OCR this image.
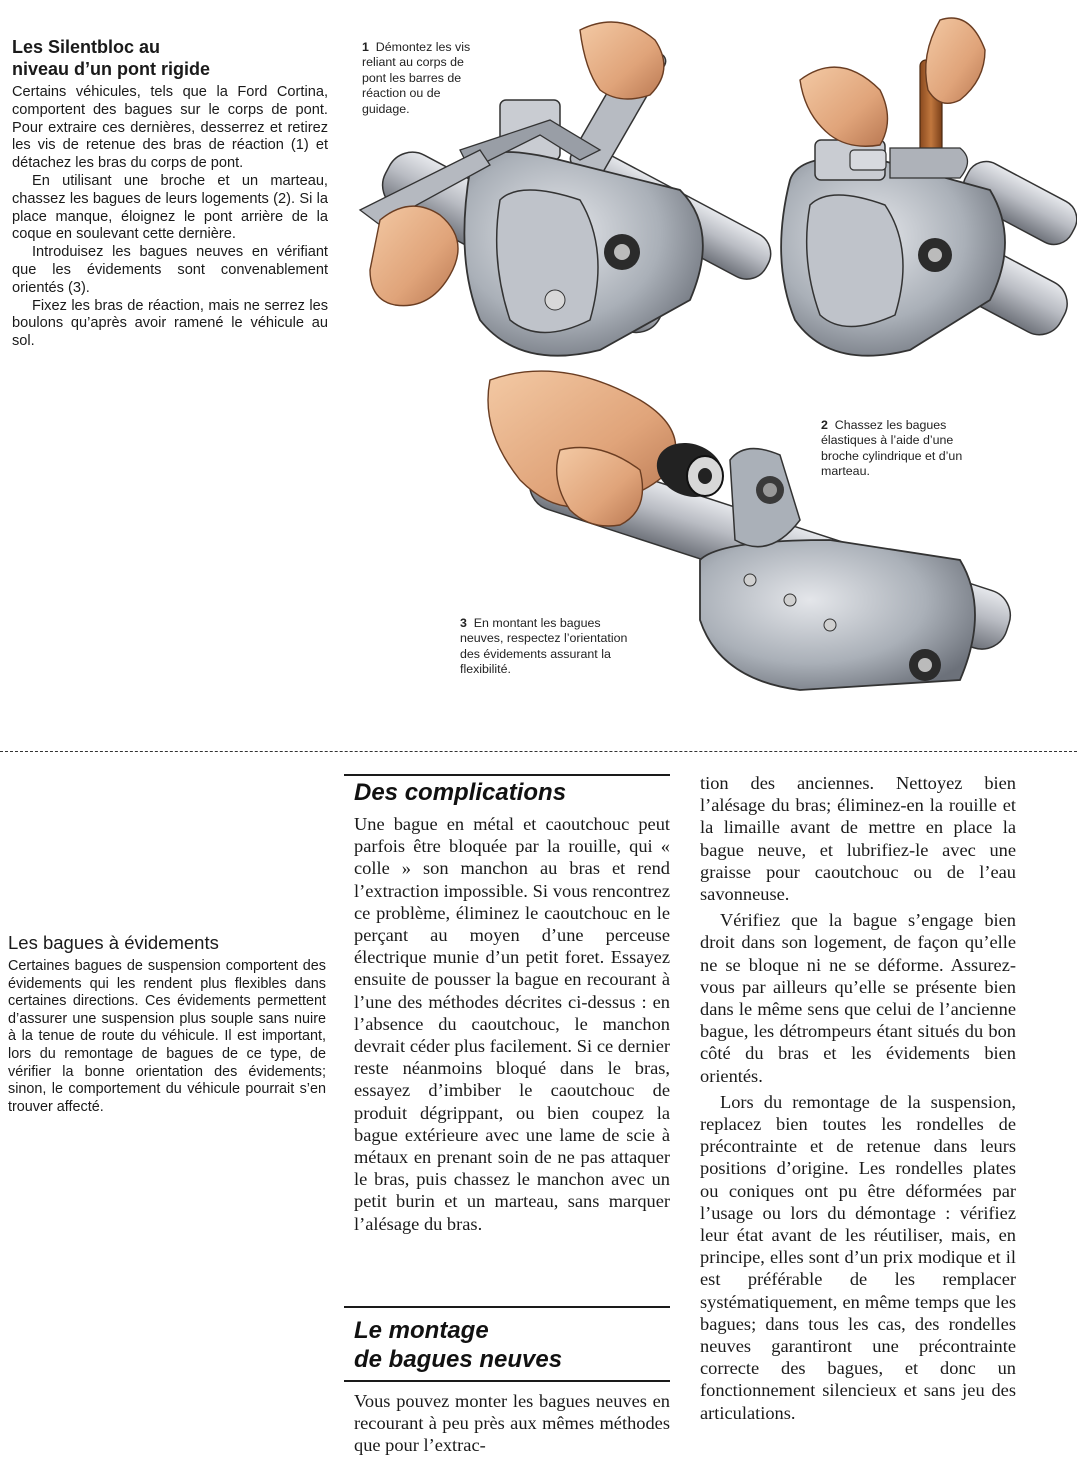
Les Silentbloc au
niveau d’un pont rigide

Certains véhicules, tels que la Ford Cortina, comportent des bagues sur le corps de pont. Pour extraire ces dernières, desserrez et retirez les vis de retenue des bras de réaction (1) et détachez les bras du corps de pont.

En utilisant une broche et un marteau, chassez les bagues de leurs logements (2). Si la place manque, éloignez le pont arrière de la coque en soulevant cette dernière.

Introduisez les bagues neuves en vérifiant que les évidements sont convenablement orientés (3).

Fixez les bras de réaction, mais ne serrez les boulons qu’après avoir ramené le véhicule au sol.

1 Démontez les vis reliant au corps de pont les barres de réaction ou de guidage.
2 Chassez les bagues élastiques à l’aide d’une broche cylindrique et d’un marteau.
3 En montant les bagues neuves, respectez l’orientation des évidements assurant la flexibilité.
Les bagues à évidements

Certaines bagues de suspension comportent des évidements qui les rendent plus flexibles dans certaines directions. Ces évidements permettent d’assurer une suspension plus souple sans nuire à la tenue de route du véhicule. Il est important, lors du remontage de bagues de ce type, de vérifier la bonne orientation des évidements; sinon, le comportement du véhicule pourrait s’en trouver affecté.

Des complications

Une bague en métal et caoutchouc peut parfois être bloquée par la rouille, qui « colle » son manchon au bras et rend l’extraction impossible. Si vous rencontrez ce problème, éliminez le caoutchouc en le perçant au moyen d’une perceuse électrique munie d’un petit foret. Essayez ensuite de pousser la bague en recourant à l’une des méthodes décrites ci-dessus : en l’absence du caoutchouc, le manchon devrait céder plus facilement. Si ce dernier reste néanmoins bloqué dans le bras, essayez d’imbiber le caoutchouc de produit dégrippant, ou bien coupez la bague extérieure avec une lame de scie à métaux en prenant soin de ne pas attaquer le bras, puis chassez le manchon avec un petit burin et un marteau, sans marquer l’alésage du bras.

Le montage
de bagues neuves

Vous pouvez monter les bagues neuves en recourant à peu près aux mêmes méthodes que pour l’extrac-

tion des anciennes. Nettoyez bien l’alésage du bras; éliminez-en la rouille et la limaille avant de mettre en place la bague neuve, et lubrifiez-le avec une graisse pour caoutchouc ou de l’eau savonneuse.

Vérifiez que la bague s’engage bien droit dans son logement, de façon qu’elle ne se bloque ni ne se déforme. Assurez-vous par ailleurs qu’elle se présente bien dans le même sens que celui de l’ancienne bague, les détrompeurs étant situés du bon côté du bras et les évidements bien orientés.

Lors du remontage de la suspension, replacez bien toutes les rondelles de précontrainte et de retenue dans leurs positions d’origine. Les rondelles plates ou coniques ont pu être déformées par l’usage ou lors du démontage : vérifiez leur état avant de les réutiliser, mais, en principe, elles sont d’un prix modique et il est préférable de les remplacer systématiquement, en même temps que les bagues; dans tous les cas, des rondelles neuves garantiront une précontrainte correcte des bagues, et donc un fonctionnement silencieux et sans jeu des articulations.
